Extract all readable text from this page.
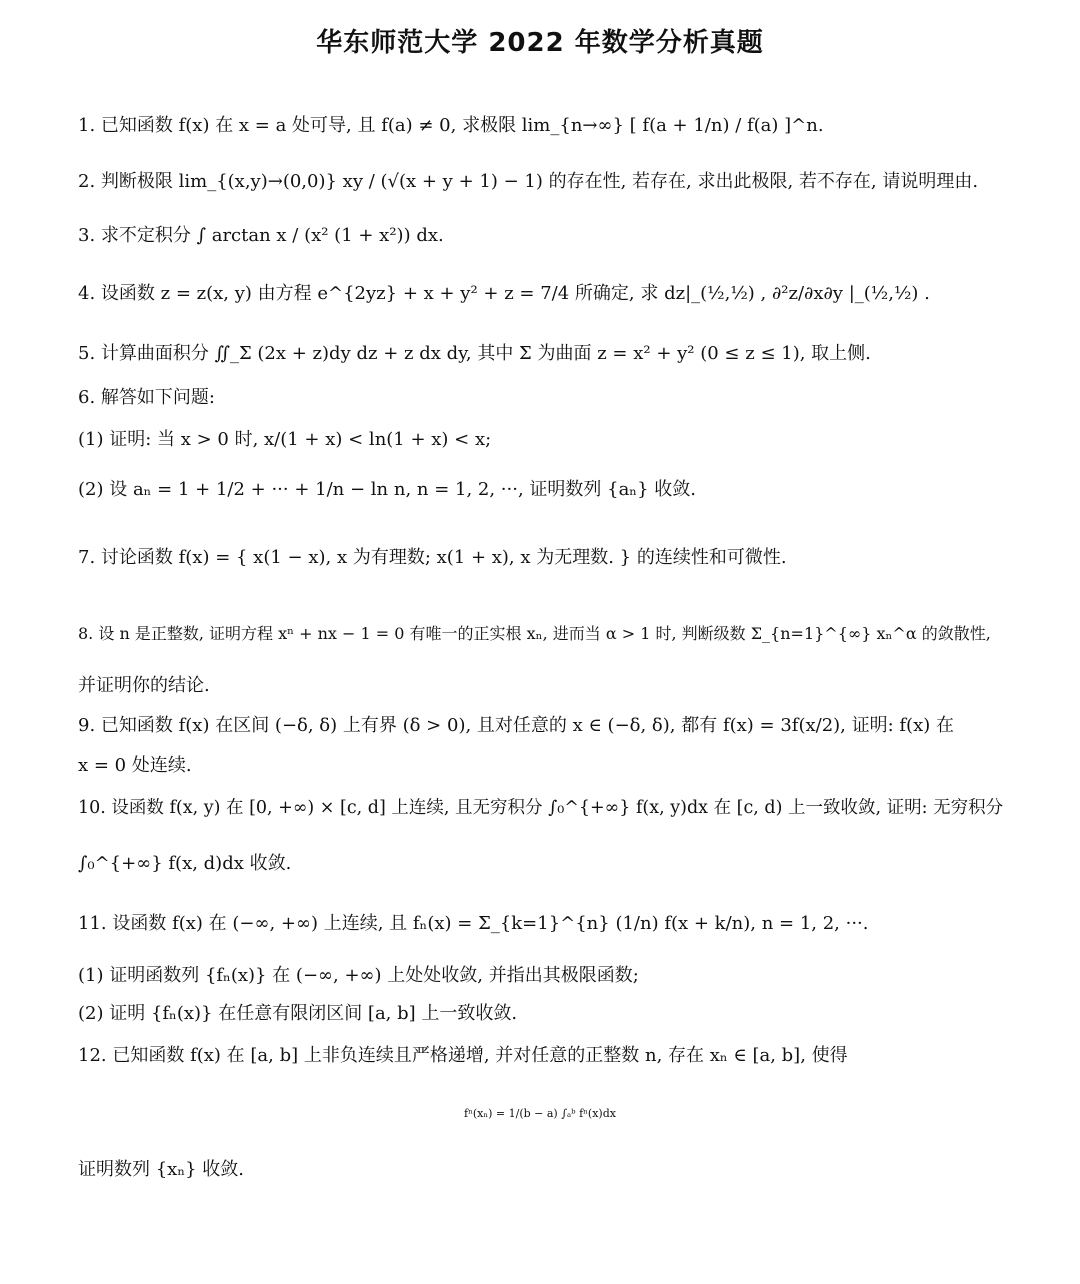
华东师范大学 2022 年数学分析真题
1. 已知函数 f(x) 在 x = a 处可导, 且 f(a) ≠ 0, 求极限 lim_{n→∞} [ f(a + 1/n) / f(a) ]^n.
2. 判断极限 lim_{(x,y)→(0,0)} xy / (√(x + y + 1) − 1) 的存在性, 若存在, 求出此极限, 若不存在, 请说明理由.
3. 求不定积分 ∫ arctan x / (x² (1 + x²)) dx.
4. 设函数 z = z(x, y) 由方程 e^{2yz} + x + y² + z = 7/4 所确定, 求 dz|_(½,½) , ∂²z/∂x∂y |_(½,½) .
5. 计算曲面积分 ∬_Σ (2x + z)dy dz + z dx dy, 其中 Σ 为曲面 z = x² + y² (0 ≤ z ≤ 1), 取上侧.
6. 解答如下问题:
(1) 证明: 当 x > 0 时, x/(1 + x) < ln(1 + x) < x;
(2) 设 aₙ = 1 + 1/2 + ··· + 1/n − ln n, n = 1, 2, ···, 证明数列 {aₙ} 收敛.
7. 讨论函数 f(x) = { x(1 − x), x 为有理数; x(1 + x), x 为无理数. } 的连续性和可微性.
8. 设 n 是正整数, 证明方程 xⁿ + nx − 1 = 0 有唯一的正实根 xₙ, 进而当 α > 1 时, 判断级数 Σ_{n=1}^{∞} xₙ^α 的敛散性,
并证明你的结论.
9. 已知函数 f(x) 在区间 (−δ, δ) 上有界 (δ > 0), 且对任意的 x ∈ (−δ, δ), 都有 f(x) = 3f(x/2), 证明: f(x) 在
x = 0 处连续.
10. 设函数 f(x, y) 在 [0, +∞) × [c, d] 上连续, 且无穷积分 ∫₀^{+∞} f(x, y)dx 在 [c, d) 上一致收敛, 证明: 无穷积分
∫₀^{+∞} f(x, d)dx 收敛.
11. 设函数 f(x) 在 (−∞, +∞) 上连续, 且 fₙ(x) = Σ_{k=1}^{n} (1/n) f(x + k/n), n = 1, 2, ···.
(1) 证明函数列 {fₙ(x)} 在 (−∞, +∞) 上处处收敛, 并指出其极限函数;
(2) 证明 {fₙ(x)} 在任意有限闭区间 [a, b] 上一致收敛.
12. 已知函数 f(x) 在 [a, b] 上非负连续且严格递增, 并对任意的正整数 n, 存在 xₙ ∈ [a, b], 使得
fⁿ(xₙ) = 1/(b − a) ∫ₐᵇ fⁿ(x)dx
证明数列 {xₙ} 收敛.
